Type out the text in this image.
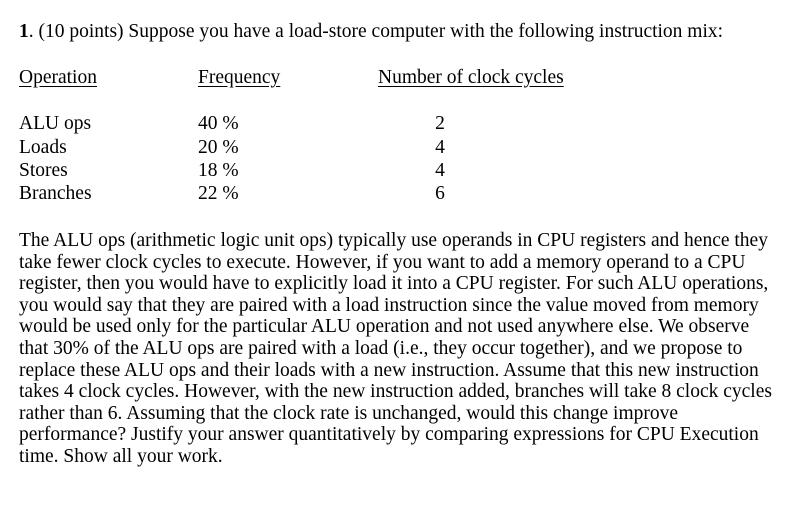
1. (10 points) Suppose you have a load-store computer with the following instruction mix:
Operation	Frequency	Number of clock cycles
ALU ops	40 %	2
Loads	20 %	4
Stores	18 %	4
Branches	22 %	6
The ALU ops (arithmetic logic unit ops) typically use operands in CPU registers and hence they
take fewer clock cycles to execute. However, if you want to add a memory operand to a CPU
register, then you would have to explicitly load it into a CPU register. For such ALU operations,
you would say that they are paired with a load instruction since the value moved from memory
would be used only for the particular ALU operation and not used anywhere else. We observe
that 30% of the ALU ops are paired with a load (i.e., they occur together), and we propose to
replace these ALU ops and their loads with a new instruction. Assume that this new instruction
takes 4 clock cycles. However, with the new instruction added, branches will take 8 clock cycles
rather than 6. Assuming that the clock rate is unchanged, would this change improve
performance? Justify your answer quantitatively by comparing expressions for CPU Execution
time. Show all your work.
